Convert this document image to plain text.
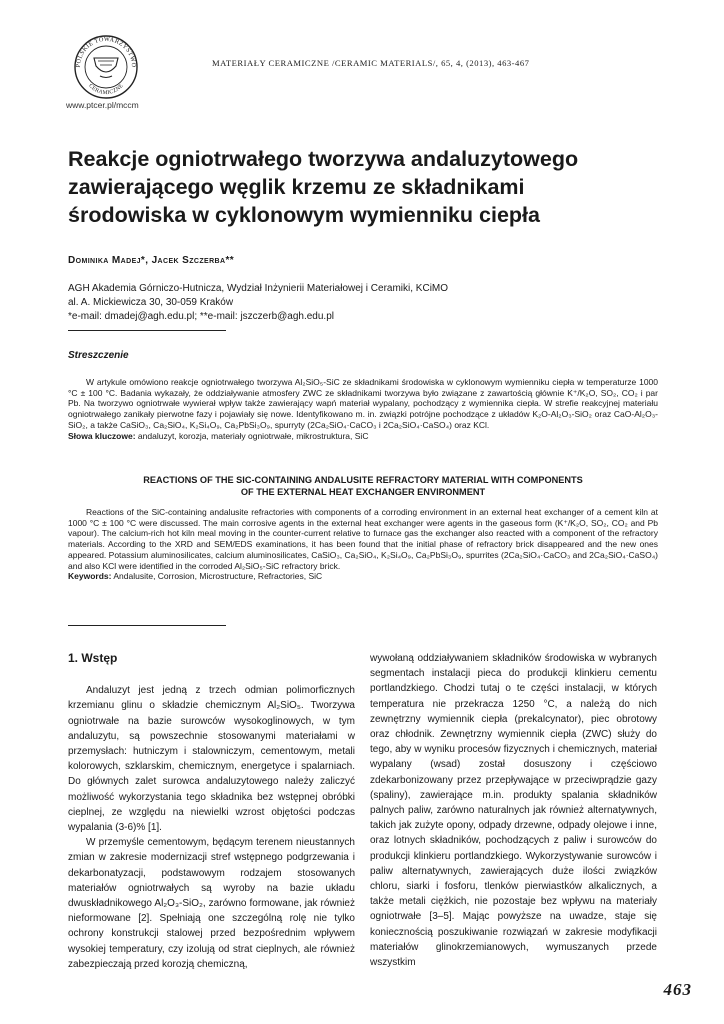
POLSKIE TOWARZYSTWO
CERAMICZNE
www.ptcer.pl/mccm
MATERIAŁY CERAMICZNE /CERAMIC MATERIALS/, 65, 4, (2013), 463-467
Reakcje ogniotrwałego tworzywa andaluzytowego
zawierającego węglik krzemu ze składnikami
środowiska w cyklonowym wymienniku ciepła
Dominika Madej*, Jacek Szczerba**
AGH Akademia Górniczo-Hutnicza, Wydział Inżynierii Materiałowej i Ceramiki, KCiMO
al. A. Mickiewicza 30, 30-059 Kraków
*e-mail: dmadej@agh.edu.pl; **e-mail: jszczerb@agh.edu.pl
Streszczenie

W artykule omówiono reakcje ogniotrwałego tworzywa Al₂SiO₅-SiC ze składnikami środowiska w cyklonowym wymienniku ciepła w temperaturze 1000 °C ± 100 °C. Badania wykazały, że oddziaływanie atmosfery ZWC ze składnikami tworzywa było związane z zawartością głównie K⁺/K₂O, SO₂, CO₂ i par Pb. Na tworzywo ogniotrwałe wywierał wpływ także zawierający wapń materiał wypalany, pochodzący z wymiennika ciepła. W strefie reakcyjnej materiału ogniotrwałego zanikały pierwotne fazy i pojawiały się nowe. Identyfikowano m. in. związki potrójne pochodzące z układów K₂O-Al₂O₃-SiO₂ oraz CaO-Al₂O₃-SiO₂, a także CaSiO₃, Ca₂SiO₄, K₂Si₄O₉, Ca₂PbSi₃O₉, spurryty (2Ca₂SiO₄·CaCO₃ i 2Ca₂SiO₄·CaSO₄) oraz KCl.

Słowa kluczowe: andaluzyt, korozja, materiały ogniotrwałe, mikrostruktura, SiC
REACTIONS OF THE SIC-CONTAINING ANDALUSITE REFRACTORY MATERIAL WITH COMPONENTS
OF THE EXTERNAL HEAT EXCHANGER ENVIRONMENT

Reactions of the SiC-containing andalusite refractories with components of a corroding environment in an external heat exchanger of a cement kiln at 1000 °C ± 100 °C were discussed. The main corrosive agents in the external heat exchanger were agents in the gaseous form (K⁺/K₂O, SO₂, CO₂ and Pb vapour). The calcium-rich hot kiln meal moving in the counter-current relative to furnace gas the exchanger also reacted with a component of the refractory materials. According to the XRD and SEM/EDS examinations, it has been found that the initial phase of refractory brick disappeared and the new ones appeared. Potassium aluminosilicates, calcium aluminosilicates, CaSiO₃, Ca₂SiO₄, K₂Si₄O₉, Ca₂PbSi₃O₉, spurrites (2Ca₂SiO₄·CaCO₃ and 2Ca₂SiO₄·CaSO₄) and also KCl were identified in the corroded Al₂SiO₅-SiC refractory brick.

Keywords: Andalusite, Corrosion, Microstructure, Refractories, SiC
1. Wstęp

Andaluzyt jest jedną z trzech odmian polimorficznych krzemianu glinu o składzie chemicznym Al₂SiO₅. Tworzywa ogniotrwałe na bazie surowców wysokoglinowych, w tym andaluzytu, są powszechnie stosowanymi materiałami w przemysłach: hutniczym i stalowniczym, cementowym, metali kolorowych, szklarskim, chemicznym, energetyce i spalarniach. Do głównych zalet surowca andaluzytowego należy zaliczyć możliwość wykorzystania tego składnika bez wstępnej obróbki cieplnej, ze względu na niewielki wzrost objętości podczas wypalania (3-6)% [1].

W przemyśle cementowym, będącym terenem nieustannych zmian w zakresie modernizacji stref wstępnego podgrzewania i dekarbonatyzacji, podstawowym rodzajem stosowanych materiałów ogniotrwałych są wyroby na bazie układu dwuskładnikowego Al₂O₃-SiO₂, zarówno formowane, jak również nieformowane [2]. Spełniają one szczególną rolę nie tylko ochrony konstrukcji stalowej przed bezpośrednim wpływem wysokiej temperatury, czy izolują od strat cieplnych, ale również zabezpieczają przed korozją chemiczną,

wywołaną oddziaływaniem składników środowiska w wybranych segmentach instalacji pieca do produkcji klinkieru cementu portlandzkiego. Chodzi tutaj o te części instalacji, w których temperatura nie przekracza 1250 °C, a należą do nich zewnętrzny wymiennik ciepła (prekalcynator), piec obrotowy oraz chłodnik. Zewnętrzny wymiennik ciepła (ZWC) służy do tego, aby w wyniku procesów fizycznych i chemicznych, materiał wypalany (wsad) został dosuszony i częściowo zdekarbonizowany przez przepływające w przeciwprądzie gazy (spaliny), zawierające m.in. produkty spalania składników palnych paliw, zarówno naturalnych jak również alternatywnych, takich jak zużyte opony, odpady drzewne, odpady olejowe i inne, oraz lotnych składników, pochodzących z paliw i surowców do produkcji klinkieru portlandzkiego. Wykorzystywanie surowców i paliw alternatywnych, zawierających duże ilości związków chloru, siarki i fosforu, tlenków pierwiastków alkalicznych, a także metali ciężkich, nie pozostaje bez wpływu na materiały ogniotrwałe [3–5]. Mając powyższe na uwadze, staje się koniecznością poszukiwanie rozwiązań w zakresie modyfikacji materiałów glinokrzemianowych, wymuszanych przede wszystkim

463
